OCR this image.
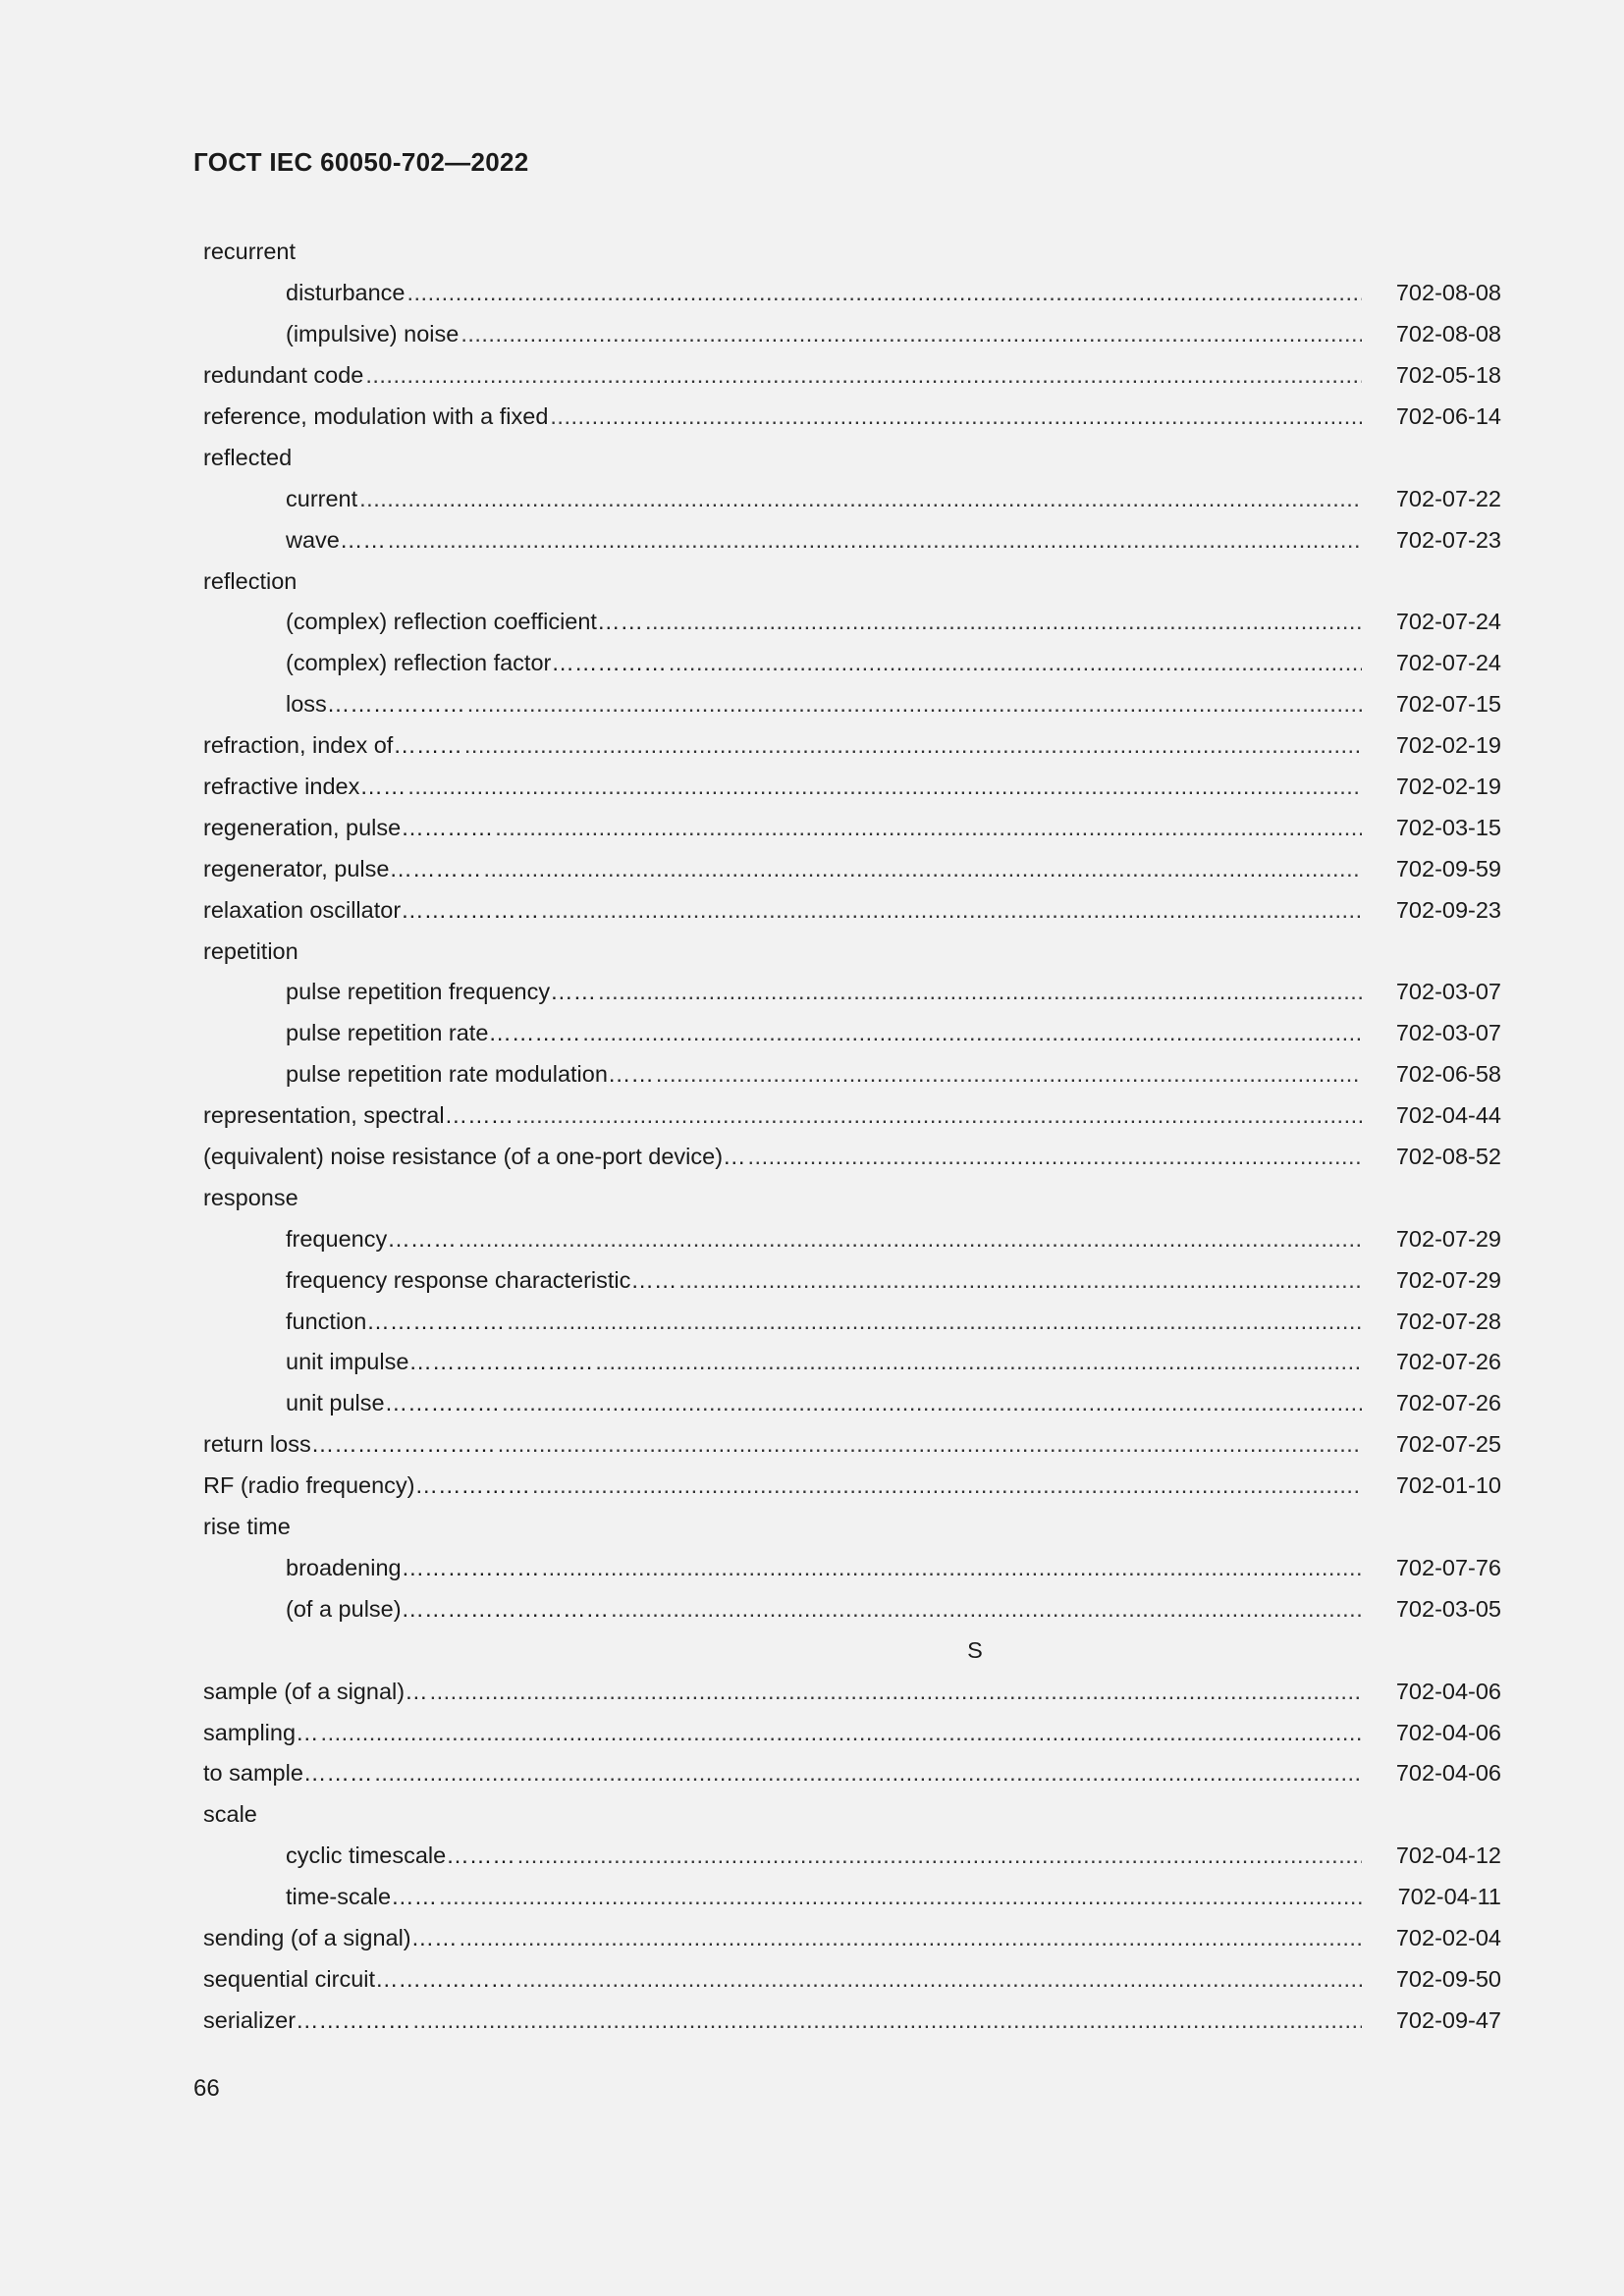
ГОСТ IEC 60050-702—2022
recurrent
disturbance .....	702-08-08
(impulsive) noise .....	702-08-08
redundant code .....	702-05-18
reference, modulation with a fixed .....	702-06-14
reflected
current .....	702-07-22
wave…… .....	702-07-23
reflection
(complex) reflection coefficient…… .....	702-07-24
(complex) reflection factor…………… .....	702-07-24
loss……………… .....	702-07-15
refraction, index of……… .....	702-02-19
refractive index…… .....	702-02-19
regeneration, pulse………… .....	702-03-15
regenerator, pulse………… .....	702-09-59
relaxation oscillator……………… .....	702-09-23
repetition
pulse repetition frequency…… .....	702-03-07
pulse repetition rate………… .....	702-03-07
pulse repetition rate modulation…… .....	702-06-58
representation, spectral……… .....	702-04-44
(equivalent) noise resistance (of a one-port device)… .....	702-08-52
response
frequency……… .....	702-07-29
frequency response characteristic…… .....	702-07-29
function……………… .....	702-07-28
unit impulse…………………… .....	702-07-26
unit pulse…………… .....	702-07-26
return loss…………………… .....	702-07-25
RF (radio frequency)…………… .....	702-01-10
rise time
broadening……………… .....	702-07-76
(of a pulse)……………………… .....	702-03-05
S
sample (of a signal)… .....	702-04-06
sampling… .....	702-04-06
to sample……… .....	702-04-06
scale
cyclic timescale……… .....	702-04-12
time-scale…… .....	702-04-11
sending (of a signal)…… .....	702-02-04
sequential circuit……………… .....	702-09-50
serializer…………… .....	702-09-47
66
